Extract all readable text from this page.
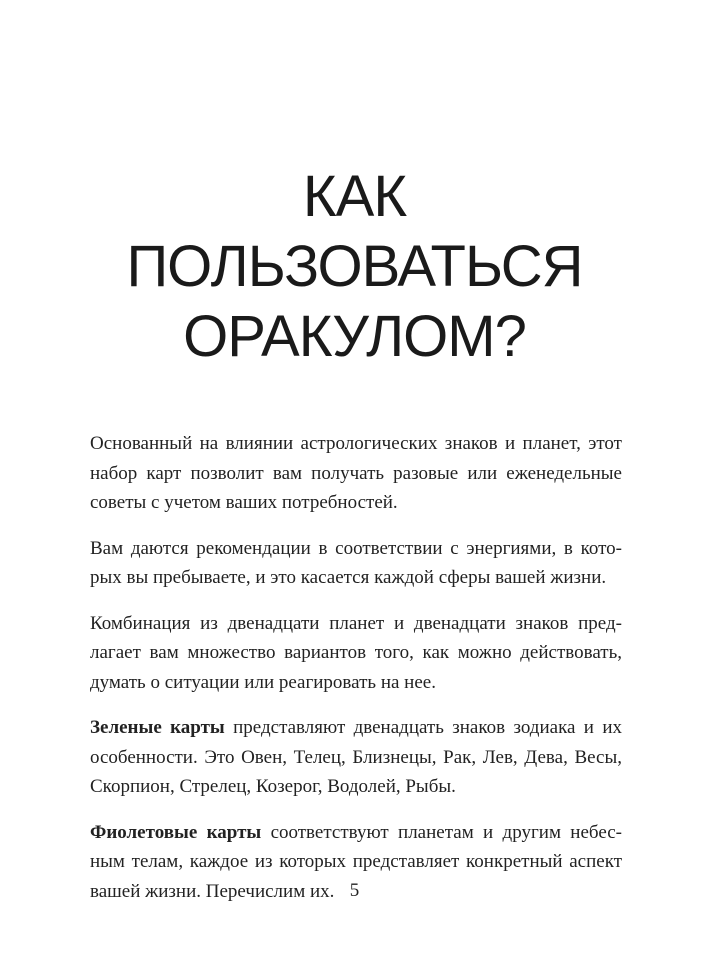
КАК
ПОЛЬЗОВАТЬСЯ
ОРАКУЛОМ?

Основанный на влиянии астрологических знаков и планет, этот
набор карт позволит вам получать разовые или еженедельные
советы с учетом ваших потребностей.

Вам даются рекомендации в соответствии с энергиями, в кото-
рых вы пребываете, и это касается каждой сферы вашей жизни.

Комбинация из двенадцати планет и двенадцати знаков пред-
лагает вам множество вариантов того, как можно действовать,
думать о ситуации или реагировать на нее.

Зеленые карты представляют двенадцать знаков зодиака и их
особенности. Это Овен, Телец, Близнецы, Рак, Лев, Дева, Весы,
Скорпион, Стрелец, Козерог, Водолей, Рыбы.

Фиолетовые карты соответствуют планетам и другим небес-
ным телам, каждое из которых представляет конкретный аспект
вашей жизни. Перечислим их. 5
